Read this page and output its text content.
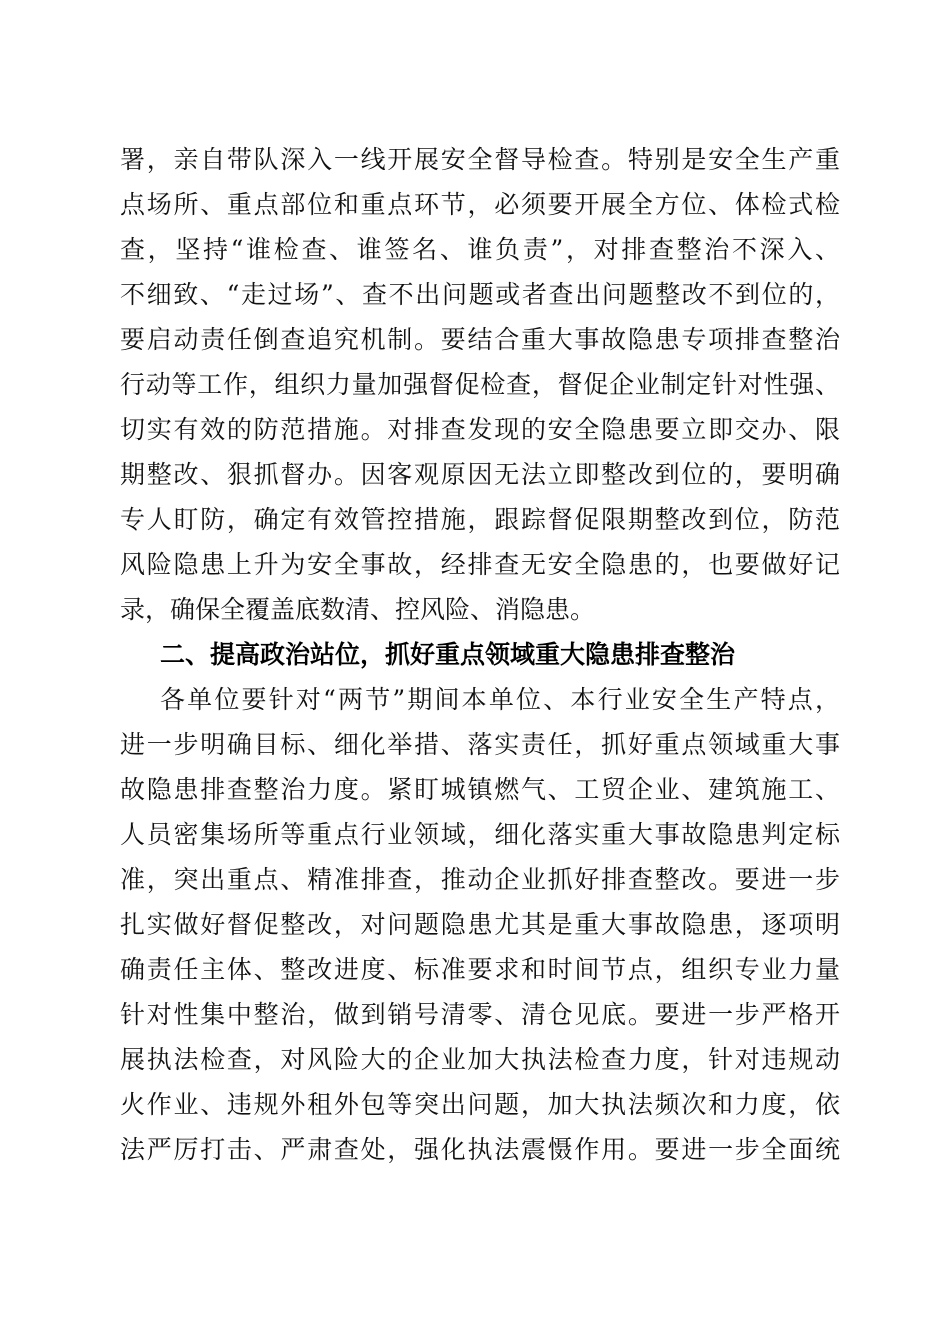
署，亲自带队深入一线开展安全督导检查。特别是安全生产重
点场所、重点部位和重点环节，必须要开展全方位、体检式检
查，坚持“谁检查、谁签名、谁负责”，对排查整治不深入、
不细致、“走过场”、查不出问题或者查出问题整改不到位的，
要启动责任倒查追究机制。要结合重大事故隐患专项排查整治
行动等工作，组织力量加强督促检查，督促企业制定针对性强、
切实有效的防范措施。对排查发现的安全隐患要立即交办、限
期整改、狠抓督办。因客观原因无法立即整改到位的，要明确
专人盯防，确定有效管控措施，跟踪督促限期整改到位，防范
风险隐患上升为安全事故，经排查无安全隐患的，也要做好记
录，确保全覆盖底数清、控风险、消隐患。
二、提高政治站位，抓好重点领域重大隐患排查整治
各单位要针对“两节”期间本单位、本行业安全生产特点，
进一步明确目标、细化举措、落实责任，抓好重点领域重大事
故隐患排查整治力度。紧盯城镇燃气、工贸企业、建筑施工、
人员密集场所等重点行业领域，细化落实重大事故隐患判定标
准，突出重点、精准排查，推动企业抓好排查整改。要进一步
扎实做好督促整改，对问题隐患尤其是重大事故隐患，逐项明
确责任主体、整改进度、标准要求和时间节点，组织专业力量
针对性集中整治，做到销号清零、清仓见底。要进一步严格开
展执法检查，对风险大的企业加大执法检查力度，针对违规动
火作业、违规外租外包等突出问题，加大执法频次和力度，依
法严厉打击、严肃查处，强化执法震慑作用。要进一步全面统
